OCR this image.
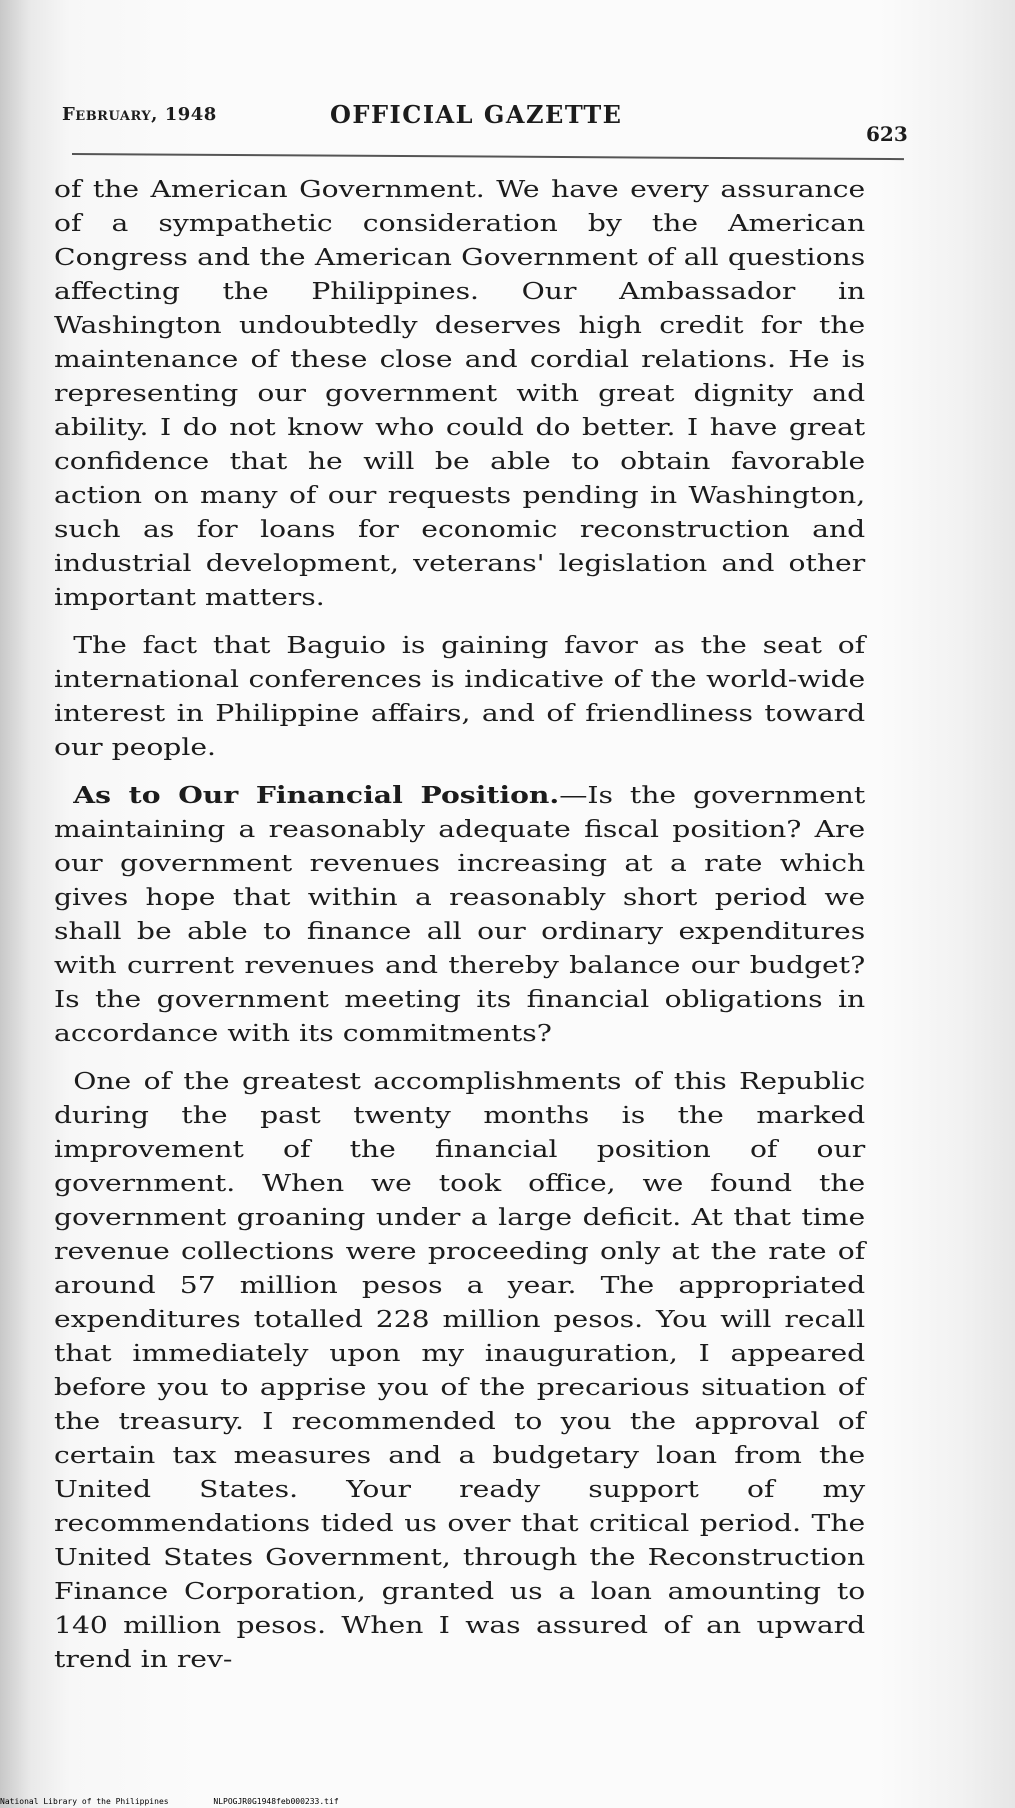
February, 1948	OFFICIAL GAZETTE
623

of the American Government. We have every assurance of a sympathetic consideration by the American Congress and the American Government of all questions affecting the Philippines. Our Ambassador in Washington undoubtedly deserves high credit for the maintenance of these close and cordial relations. He is representing our government with great dignity and ability. I do not know who could do better. I have great confidence that he will be able to obtain favorable action on many of our requests pending in Washington, such as for loans for economic reconstruction and industrial development, veterans' legislation and other important matters.

The fact that Baguio is gaining favor as the seat of international conferences is indicative of the world-wide interest in Philippine affairs, and of friendliness toward our people.

As to Our Financial Position.—Is the government maintaining a reasonably adequate fiscal position? Are our government revenues increasing at a rate which gives hope that within a reasonably short period we shall be able to finance all our ordinary expenditures with current revenues and thereby balance our budget? Is the government meeting its financial obligations in accordance with its commitments?

One of the greatest accomplishments of this Republic during the past twenty months is the marked improvement of the financial position of our government. When we took office, we found the government groaning under a large deficit. At that time revenue collections were proceeding only at the rate of around 57 million pesos a year. The appropriated expenditures totalled 228 million pesos. You will recall that immediately upon my inauguration, I appeared before you to apprise you of the precarious situation of the treasury. I recommended to you the approval of certain tax measures and a budgetary loan from the United States. Your ready support of my recommendations tided us over that critical period. The United States Government, through the Reconstruction Finance Corporation, granted us a loan amounting to 140 million pesos. When I was assured of an upward trend in rev-

National Library of the Philippines	NLPOGJR0G1948feb000233.tif
